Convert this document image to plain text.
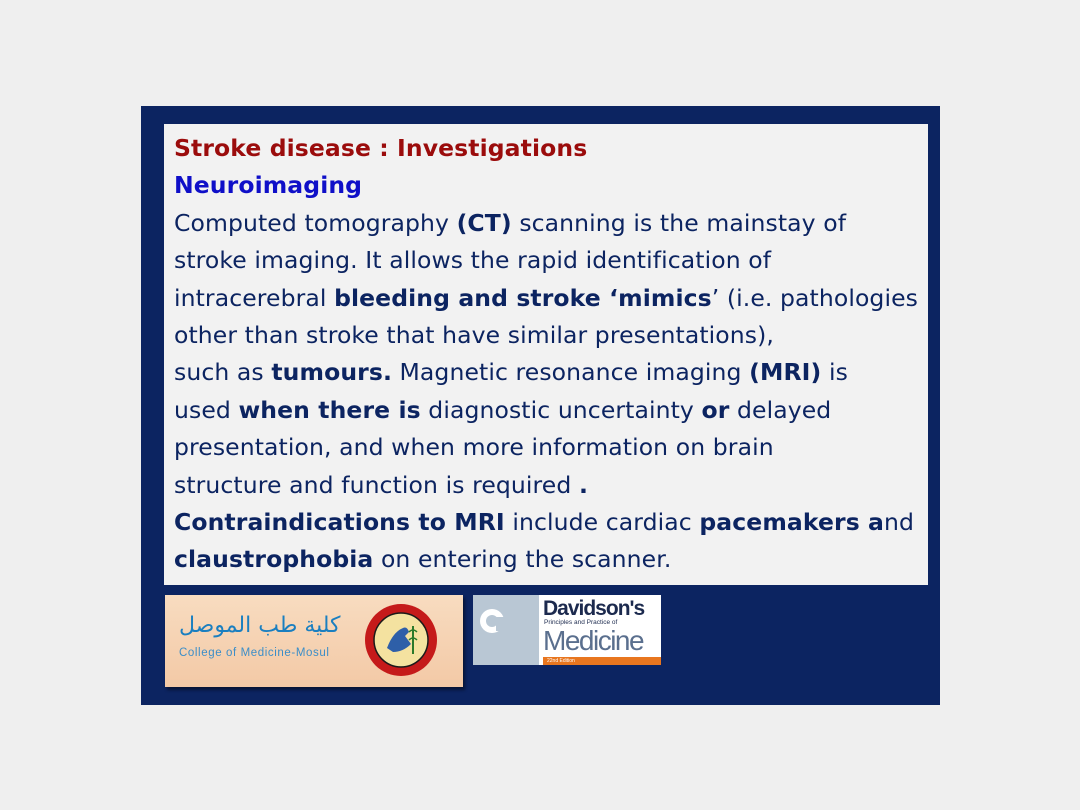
Stroke disease : Investigations
Neuroimaging
Computed tomography (CT) scanning is the mainstay of
stroke imaging. It allows the rapid identification of
intracerebral bleeding and stroke ‘mimics’ (i.e. pathologies
other than stroke that have similar presentations),
such as tumours. Magnetic resonance imaging (MRI) is
used when there is diagnostic uncertainty or delayed
presentation, and when more information on brain
structure and function is required .
Contraindications to MRI include cardiac pacemakers and
claustrophobia on entering the scanner.
كلية طب الموصل
College of Medicine-Mosul
Davidson's
Principles and Practice of
Medicine
22nd Edition
